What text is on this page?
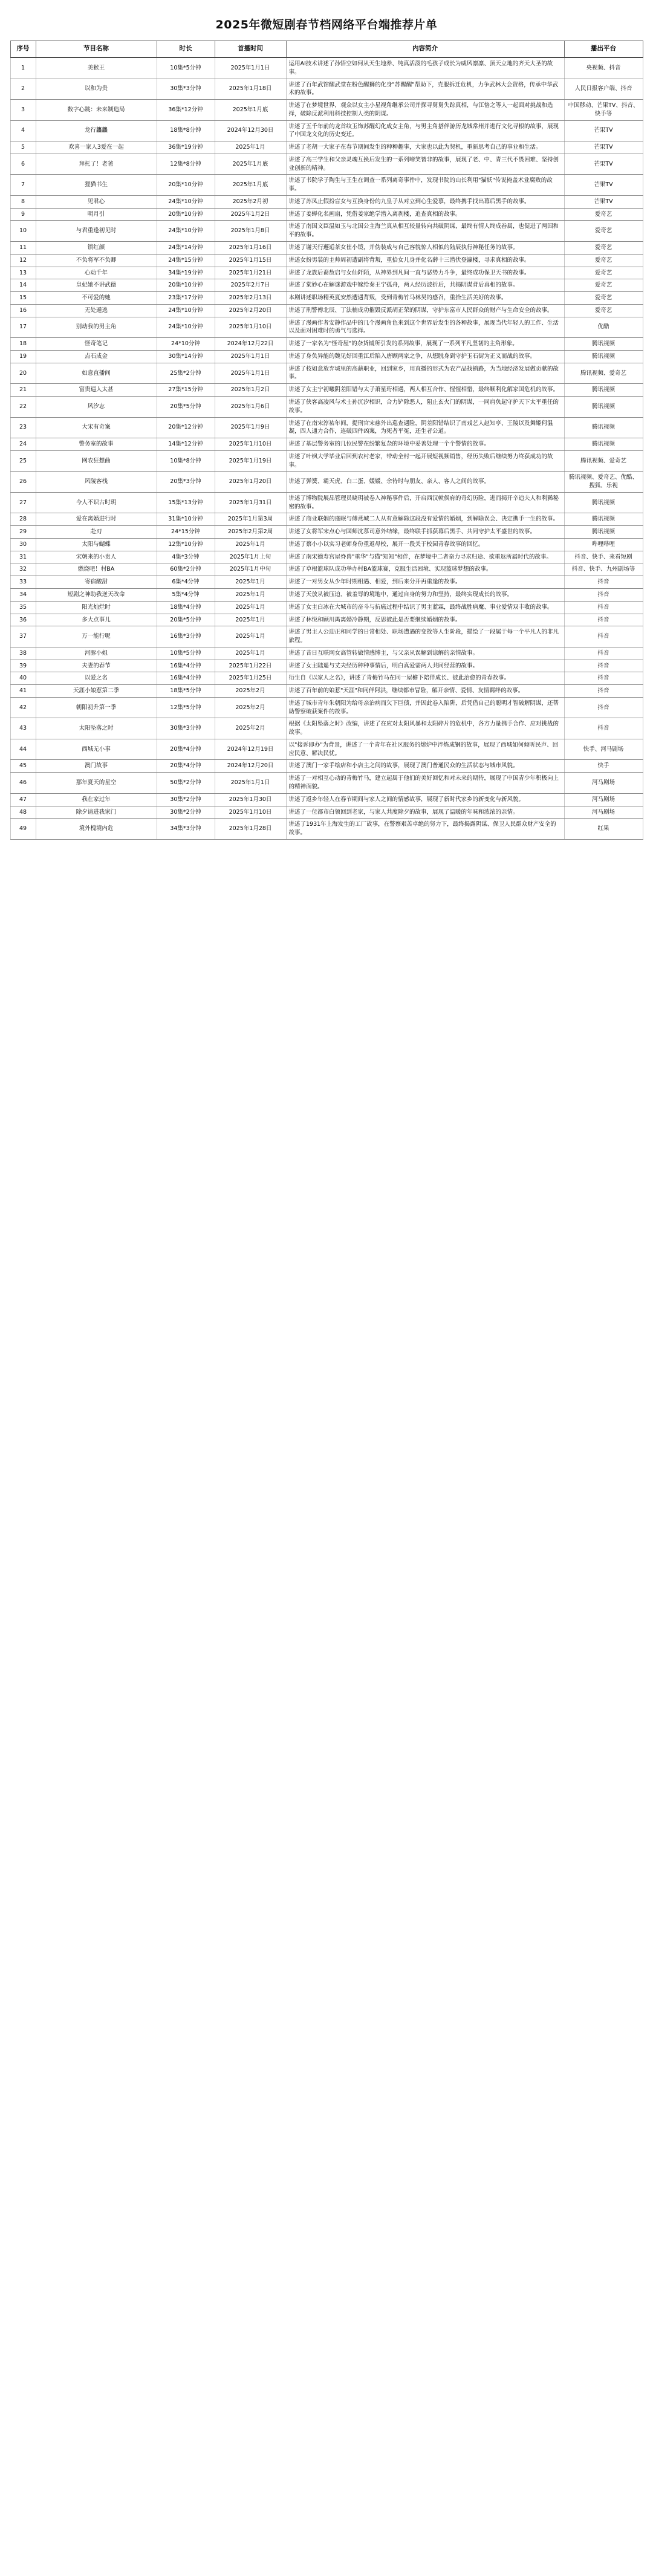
2025年微短剧春节档网络平台端推荐片单
序号	节目名称	时长	首播时间	内容简介	播出平台
1	美猴王	10集*5分钟	2025年1月1日	运用AI技术讲述了孙悟空如何从天生地养、纯真活泼的毛孩子成长为威风凛凛、顶天立地的齐天大圣的故事。	央视频、抖音
2	以和为贵	30集*3分钟	2025年1月18日	讲述了百年武馆醒武堂在粉色醒狮的化身"苏醒醒"帮助下，克服拆迁危机，力争武林大会资格，传承中华武术的故事。	人民日报客户端、抖音
3	数字心跳：未来制造局	36集*12分钟	2025年1月底	讲述了在梦境世界，观众以女主小星视角继承公司并探寻舅舅失踪真相，与江恪之等人一起面对挑战和选择，破除反派利用科技控制人类的阴谋。	中国移动、芒果TV、抖音、快手等
4	龙行龘龘	18集*8分钟	2024年12月30日	讲述了五千年前的龙首纹玉饰苏醒幻化成女主角，与男主角搭伴游历龙城常州并进行文化寻根的故事，展现了中国龙文化的历史变迁。	芒果TV
5	欢喜一家人3爱在一起	36集*19分钟	2025年1月	讲述了老胡一大家子在春节期间发生的种种趣事，大家也以此为契机，重新思考自己的事业和生活。	芒果TV
6	拜托了！老爸	12集*8分钟	2025年1月底	讲述了高三学生和父亲灵魂互换后发生的一系列啼笑皆非的故事，展现了老、中、青三代不畏困难、坚持创业创新的精神。	芒果TV
7	狸猫书生	20集*10分钟	2025年1月底	讲述了书院学子陶生与王生在调查一系列离奇事件中，发现书院的山长利用"猫妖"传说掩盖术业腐败的故事。	芒果TV
8	见君心	24集*10分钟	2025年2月初	讲述了苏凤止假扮盲女与互换身份的九皇子从对立到心生爱慕，最终携手找出幕后黑手的故事。	芒果TV
9	明月引	20集*10分钟	2025年1月2日	讲述了姜蝉化名画扇，凭借姜家绝学潜入离刹楼，追查真相的故事。	爱奇艺
10	与君重逢初见时	24集*10分钟	2025年1月8日	讲述了南国文臣温如玉与北国公主海兰真从相互较量转向共破阴谋，最终有情人终成眷属，也促进了两国和平的故事。	爱奇艺
11	锁红颜	24集*14分钟	2025年1月16日	讲述了谢天行邂逅茶女崔小镜，并伪装成与自己容貌惊人相似的陆辰执行神秘任务的故事。	爱奇艺
12	不负将军不负卿	24集*15分钟	2025年1月15日	讲述女扮男装的主帅周初遭副将背叛，重拾女儿身并化名薛十三潜伏登瀛楼，寻求真相的故事。	爱奇艺
13	心动千年	34集*19分钟	2025年1月21日	讲述了龙族后裔敖启与女仙阡陌，从神界到凡间一直与恶势力斗争，最终成功保卫天书的故事。	爱奇艺
14	皇妃她不讲武德	20集*10分钟	2025年2月7日	讲述了棠妙心在解谜游戏中嫁给秦王宁孤舟，两人经历波折后，共揭阴谋背后真相的故事。	爱奇艺
15	不可爱的她	23集*17分钟	2025年2月13日	本剧讲述职场精英夏安然遭遇背叛，受到青梅竹马林昊的感召，重拾生活美好的故事。	爱奇艺
16	无处遁逃	24集*10分钟	2025年2月20日	讲述了刑警傅北辰、丁法楠成功摧毁反派胡正荣的阴谋，守护东富市人民群众的财产与生命安全的故事。	爱奇艺
17	别动我的男主角	24集*10分钟	2025年1月10日	讲述了漫画作者安静作品中的几个漫画角色来到这个世界后发生的各种故事，展现当代年轻人的工作、生活以及面对困难时的勇气与选择。	优酷
18	怪奇笔记	24*10分钟	2024年12月22日	讲述了一家名为"怪奇屋"的杂货铺所引发的系列故事，展现了一系列平凡坚韧的主角形象。	腾讯视频
19	点石成金	30集*14分钟	2025年1月1日	讲述了身负异能的魏见好回重江后陷入唐顾两家之争，从想脱身到守护玉石街为正义而战的故事。	腾讯视频
20	如意直播间	25集*2分钟	2025年1月1日	讲述了枝如意放弃城里的高薪职业，回到家乡，用直播的形式为农产品找销路，为当地经济发展做贡献的故事。	腾讯视频、爱奇艺
21	富贵逼人太甚	27集*15分钟	2025年1月2日	讲述了女主宁初曦阴差阳错与太子萧星珩相遇，两人相互合作、惺惺相惜，最终顺利化解家国危机的故事。	腾讯视频
22	风汐志	20集*5分钟	2025年1月6日	讲述了侠客高凌风与术士孙沉汐相识，合力铲除恶人，阻止玄火门的阴谋，一同肩负起守护天下太平重任的故事。	腾讯视频
23	大宋有奇案	20集*12分钟	2025年1月9日	讲述了在南宋淳祐年间，提刑官宋慈外出巡查遇险，阴差阳错结识了南戏艺人赵知亭、王陵以及舞姬何温凝，四人通力合作，连破四件凶案，为死者平冤，还生者公道。	腾讯视频
24	警务室的故事	14集*12分钟	2025年1月10日	讲述了基层警务室的几位民警在纷繁复杂的环境中妥善处理一个个警情的故事。	腾讯视频
25	网农狂想曲	10集*8分钟	2025年1月19日	讲述了叶枫大学毕业后回到农村老家，带动全村一起开展短视频销售，经历失败后继续努力终获成功的故事。	腾讯视频、爱奇艺
26	风陵客栈	20集*3分钟	2025年1月20日	讲述了弹簧、霸天虎、白二蛋、媛媛、余待时与朋友、亲人、客人之间的故事。	腾讯视频、爱奇艺、优酷、搜狐、乐视
27	今人不识古时玥	15集*13分钟	2025年1月31日	讲述了博物院展品管理员晓玥被卷入神秘事件后，开启西汉軑侯府的奇幻历险，进而揭开辛追夫人和利豨秘密的故事。	腾讯视频
28	爱在离婚进行时	31集*10分钟	2025年1月第3周	讲述了商业联姻的盛眠与傅燕城二人从有意解除这段没有爱情的婚姻，到解除误会、决定携手一生的故事。	腾讯视频
29	赴刃	24*15分钟	2025年2月第2周	讲述了女将军宋点心与国师沈慕司意外结缘，最终联手抓获幕后黑手、共同守护太平盛世的故事。	腾讯视频
30	太阳与蝴蝶	12集*10分钟	2025年1月	讲述了蔡小小以实习老师身份重返母校，展开一段关于校园青春故事的回忆。	哔哩哔哩
31	宋朝来的小贵人	4集*3分钟	2025年1月上旬	讲述了南宋德寿宫屋脊兽"重华"与猫"知知"相伴，在梦境中二者奋力寻求归途、欲重返所属时代的故事。	抖音、快手、来看短剧
32	燃烧吧！村BA	60集*2分钟	2025年1月中旬	讲述了草根篮球队成功举办村BA篮球赛，克服生活困境、实现篮球梦想的故事。	抖音、快手、九州剧场等
33	寄宿酸甜	6集*4分钟	2025年1月	讲述了一对男女从少年时期相遇、相爱，到后来分开再重逢的故事。	抖音
34	短剧之神助我逆天改命	5集*4分钟	2025年1月	讲述了天放从被压迫、被羞辱的境地中，通过自身的努力和坚持，最终实现成长的故事。	抖音
35	阳光灿烂时	18集*4分钟	2025年1月	讲述了女主白冰在大城市的奋斗与抗癌过程中结识了男主蓝霖，最终战胜病魔、事业爱情双丰收的故事。	抖音
36	多大点事儿	20集*5分钟	2025年1月	讲述了林悦和顾川禺离婚冷静期，反思彼此是否要继续婚姻的故事。	抖音
37	万一能行呢	16集*3分钟	2025年1月	讲述了男主人公迎正和同学的日常相处、职场遭遇的变故等人生阶段，描绘了一段属于每一个平凡人的非凡旅程。	抖音
38	河豚小姐	10集*5分钟	2025年1月	讲述了昔日互联网女高管转做情感博主，与父亲从误解到谅解的亲情故事。	抖音
39	夫妻的春节	16集*4分钟	2025年1月22日	讲述了女主陆遥与丈夫经历种种事情后，明白真爱需两人共同经营的故事。	抖音
40	以爱之名	16集*4分钟	2025年1月25日	衍生自《以家人之名》，讲述了青梅竹马在同一屋檐下陪伴成长、彼此治愈的青春故事。	抖音
41	天涯小娘惹第二季	18集*5分钟	2025年2月	讲述了百年前的娘惹"天涯"和同伴阿洪，继续都市冒险，解开亲情、爱情、友情羁绊的故事。	抖音
42	朝阳初升第一季	12集*5分钟	2025年2月	讲述了城市青年朱朝阳为给母亲治病而欠下巨债，并因此卷入陷阱，后凭借自己的聪明才智破解阴谋，还帮助警察破获案件的故事。	抖音
43	太阳坠落之时	30集*3分钟	2025年2月	根据《太阳坠落之时》改编，讲述了在应对太阳风暴和太阳碎片的危机中，各方力量携手合作、应对挑战的故事。	抖音
44	西城无小事	20集*4分钟	2024年12月19日	以"接诉即办"为背景，讲述了一个青年在社区服务的熔炉中淬炼成钢的故事，展现了西城如何倾听民声、回应民意、解决民忧。	快手、河马剧场
45	澳门故事	20集*4分钟	2024年12月20日	讲述了澳门一家手绘店和小店主之间的故事，展现了澳门普通民众的生活状态与城市风貌。	快手
46	那年夏天的星空	50集*2分钟	2025年1月1日	讲述了一对相互心动的青梅竹马，建立起属于他们的美好回忆和对未来的期待，展现了中国青少年积极向上的精神面貌。	河马剧场
47	我在家过年	30集*2分钟	2025年1月30日	讲述了返乡年轻人在春节期间与家人之间的情感故事，展现了新时代家乡的新变化与新风貌。	河马剧场
48	除夕请进我家门	30集*2分钟	2025年1月10日	讲述了一位都市白领回到老家，与家人共度除夕的故事，展现了温暖的年味和浓浓的亲情。	河马剧场
49	境外槐境内危	34集*3分钟	2025年1月28日	讲述了1931年上海发生的工厂故事，在警察艰苦卓绝的努力下，最终揭露阴谋、保卫人民群众财产安全的故事。	红果
